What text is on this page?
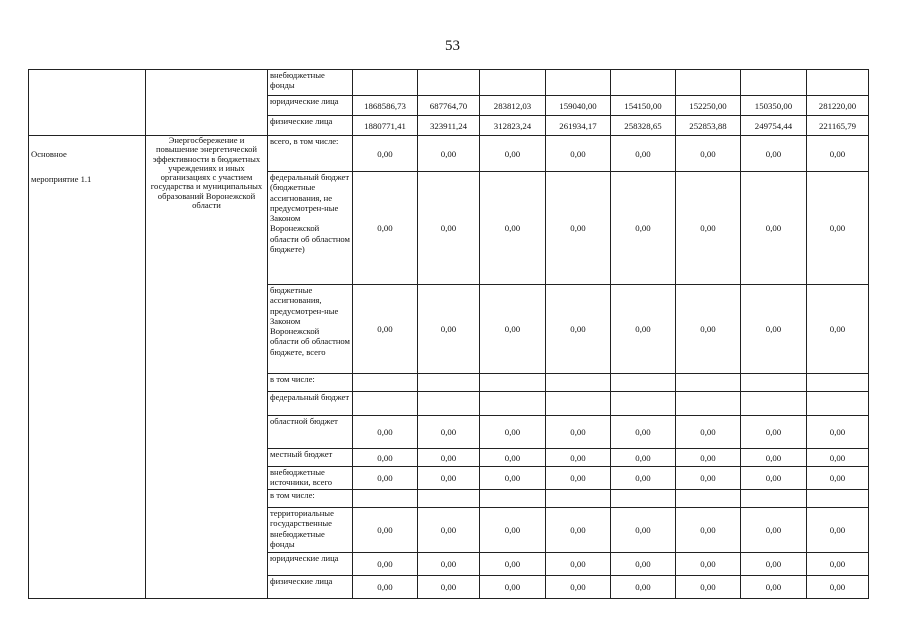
53
		внебюджетные фонды								
		юридические лица	1868586,73	687764,70	283812,03	159040,00	154150,00	152250,00	150350,00	281220,00
		физические лица	1880771,41	323911,24	312823,24	261934,17	258328,65	252853,88	249754,44	221165,79

Основное
мероприятие 1.1	Энергосбережение и повышение энергетической эффективности в бюджетных учреждениях и иных организациях с участием государства и муниципальных образований Воронежской области	всего, в том числе:	0,00	0,00	0,00	0,00	0,00	0,00	0,00	0,00
		федеральный бюджет (бюджетные ассигнования, не предусмотрен-ные Законом Воронежской области об областном бюджете)	0,00	0,00	0,00	0,00	0,00	0,00	0,00	0,00
		бюджетные ассигнования, предусмотрен-ные Законом Воронежской области об областном бюджете, всего	0,00	0,00	0,00	0,00	0,00	0,00	0,00	0,00
		в том числе:								
		федеральный бюджет								
		областной бюджет	0,00	0,00	0,00	0,00	0,00	0,00	0,00	0,00
		местный бюджет	0,00	0,00	0,00	0,00	0,00	0,00	0,00	0,00
		внебюджетные источники, всего	0,00	0,00	0,00	0,00	0,00	0,00	0,00	0,00
		в том числе:								
		территориальные государственные внебюджетные фонды	0,00	0,00	0,00	0,00	0,00	0,00	0,00	0,00
		юридические лица	0,00	0,00	0,00	0,00	0,00	0,00	0,00	0,00
		физические лица	0,00	0,00	0,00	0,00	0,00	0,00	0,00	0,00
